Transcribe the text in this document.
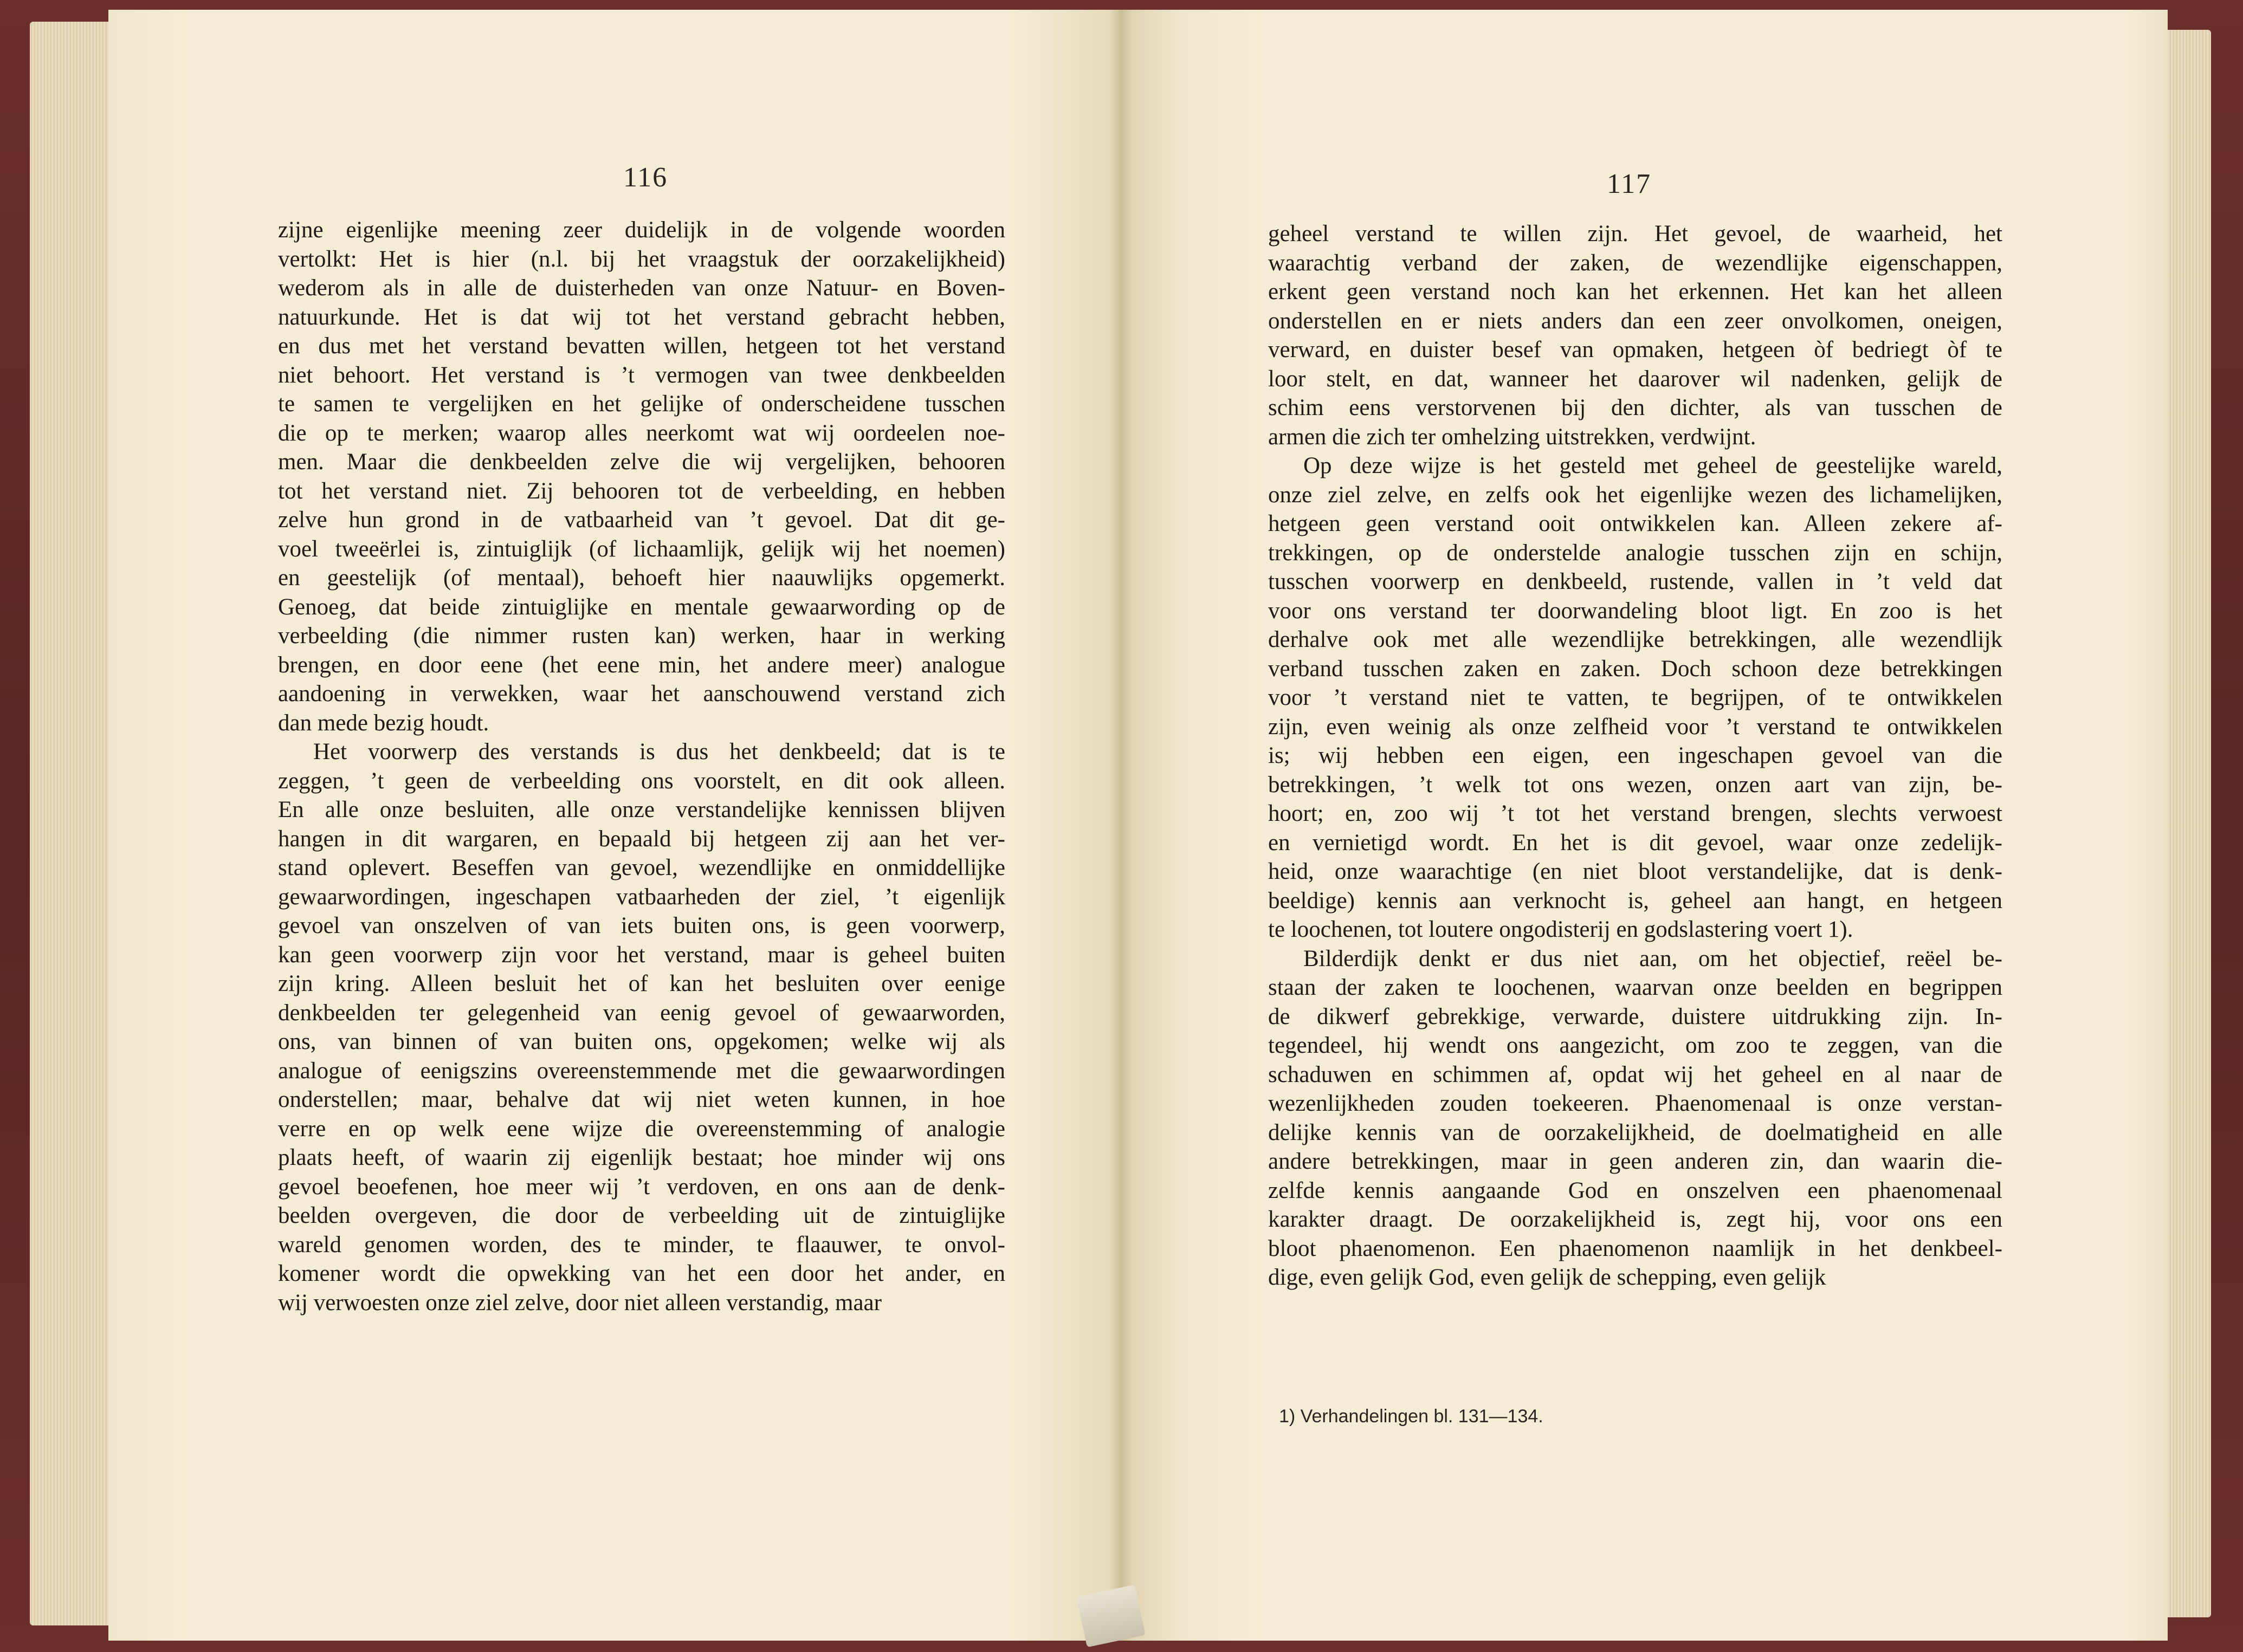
116	117
zijne eigenlijke meening zeer duidelijk in de volgende woorden
vertolkt: Het is hier (n.l. bij het vraagstuk der oorzakelijkheid)
wederom als in alle de duisterheden van onze Natuur- en Boven-
natuurkunde. Het is dat wij tot het verstand gebracht hebben,
en dus met het verstand bevatten willen, hetgeen tot het verstand
niet behoort. Het verstand is ’t vermogen van twee denkbeelden
te samen te vergelijken en het gelijke of onderscheidene tusschen
die op te merken; waarop alles neerkomt wat wij oordeelen noe-
men. Maar die denkbeelden zelve die wij vergelijken, behooren
tot het verstand niet. Zij behooren tot de verbeelding, en hebben
zelve hun grond in de vatbaarheid van ’t gevoel. Dat dit ge-
voel tweeërlei is, zintuiglijk (of lichaamlijk, gelijk wij het noemen)
en geestelijk (of mentaal), behoeft hier naauwlijks opgemerkt.
Genoeg, dat beide zintuiglijke en mentale gewaarwording op de
verbeelding (die nimmer rusten kan) werken, haar in werking
brengen, en door eene (het eene min, het andere meer) analogue
aandoening in verwekken, waar het aanschouwend verstand zich
dan mede bezig houdt.
Het voorwerp des verstands is dus het denkbeeld; dat is te
zeggen, ’t geen de verbeelding ons voorstelt, en dit ook alleen.
En alle onze besluiten, alle onze verstandelijke kennissen blijven
hangen in dit wargaren, en bepaald bij hetgeen zij aan het ver-
stand oplevert. Beseffen van gevoel, wezendlijke en onmiddellijke
gewaarwordingen, ingeschapen vatbaarheden der ziel, ’t eigenlijk
gevoel van onszelven of van iets buiten ons, is geen voorwerp,
kan geen voorwerp zijn voor het verstand, maar is geheel buiten
zijn kring. Alleen besluit het of kan het besluiten over eenige
denkbeelden ter gelegenheid van eenig gevoel of gewaarworden,
ons, van binnen of van buiten ons, opgekomen; welke wij als
analogue of eenigszins overeenstemmende met die gewaarwordingen
onderstellen; maar, behalve dat wij niet weten kunnen, in hoe
verre en op welk eene wijze die overeenstemming of analogie
plaats heeft, of waarin zij eigenlijk bestaat; hoe minder wij ons
gevoel beoefenen, hoe meer wij ’t verdoven, en ons aan de denk-
beelden overgeven, die door de verbeelding uit de zintuiglijke
wareld genomen worden, des te minder, te flaauwer, te onvol-
komener wordt die opwekking van het een door het ander, en
wij verwoesten onze ziel zelve, door niet alleen verstandig, maar
geheel verstand te willen zijn. Het gevoel, de waarheid, het
waarachtig verband der zaken, de wezendlijke eigenschappen,
erkent geen verstand noch kan het erkennen. Het kan het alleen
onderstellen en er niets anders dan een zeer onvolkomen, oneigen,
verward, en duister besef van opmaken, hetgeen òf bedriegt òf te
loor stelt, en dat, wanneer het daarover wil nadenken, gelijk de
schim eens verstorvenen bij den dichter, als van tusschen de
armen die zich ter omhelzing uitstrekken, verdwijnt.
Op deze wijze is het gesteld met geheel de geestelijke wareld,
onze ziel zelve, en zelfs ook het eigenlijke wezen des lichamelijken,
hetgeen geen verstand ooit ontwikkelen kan. Alleen zekere af-
trekkingen, op de onderstelde analogie tusschen zijn en schijn,
tusschen voorwerp en denkbeeld, rustende, vallen in ’t veld dat
voor ons verstand ter doorwandeling bloot ligt. En zoo is het
derhalve ook met alle wezendlijke betrekkingen, alle wezendlijk
verband tusschen zaken en zaken. Doch schoon deze betrekkingen
voor ’t verstand niet te vatten, te begrijpen, of te ontwikkelen
zijn, even weinig als onze zelfheid voor ’t verstand te ontwikkelen
is; wij hebben een eigen, een ingeschapen gevoel van die
betrekkingen, ’t welk tot ons wezen, onzen aart van zijn, be-
hoort; en, zoo wij ’t tot het verstand brengen, slechts verwoest
en vernietigd wordt. En het is dit gevoel, waar onze zedelijk-
heid, onze waarachtige (en niet bloot verstandelijke, dat is denk-
beeldige) kennis aan verknocht is, geheel aan hangt, en hetgeen
te loochenen, tot loutere ongodisterij en godslastering voert 1).
Bilderdijk denkt er dus niet aan, om het objectief, reëel be-
staan der zaken te loochenen, waarvan onze beelden en begrippen
de dikwerf gebrekkige, verwarde, duistere uitdrukking zijn. In-
tegendeel, hij wendt ons aangezicht, om zoo te zeggen, van die
schaduwen en schimmen af, opdat wij het geheel en al naar de
wezenlijkheden zouden toekeeren. Phaenomenaal is onze verstan-
delijke kennis van de oorzakelijkheid, de doelmatigheid en alle
andere betrekkingen, maar in geen anderen zin, dan waarin die-
zelfde kennis aangaande God en onszelven een phaenomenaal
karakter draagt. De oorzakelijkheid is, zegt hij, voor ons een
bloot phaenomenon. Een phaenomenon naamlijk in het denkbeel-
dige, even gelijk God, even gelijk de schepping, even gelijk
1) Verhandelingen bl. 131—134.
